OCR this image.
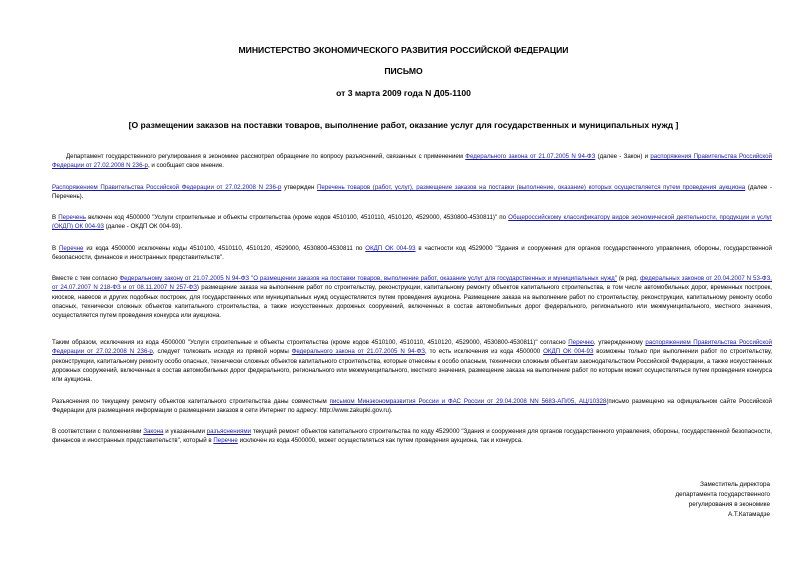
МИНИСТЕРСТВО ЭКОНОМИЧЕСКОГО РАЗВИТИЯ РОССИЙСКОЙ ФЕДЕРАЦИИ

ПИСЬМО

от 3 марта 2009 года N Д05-1100

[О размещении заказов на поставки товаров, выполнение работ, оказание услуг для государственных и муниципальных нужд ]

Департамент государственного регулирования в экономике рассмотрел обращение по вопросу разъяснений, связанных с применением Федерального закона от 21.07.2005 N 94-ФЗ (далее - Закон) и распоряжения Правительства Российской Федерации от 27.02.2008 N 236-р, и сообщает свое мнение.

Распоряжением Правительства Российской Федерации от 27.02.2008 N 236-р утвержден Перечень товаров (работ, услуг), размещение заказов на поставки (выполнение, оказание) которых осуществляется путем проведения аукциона (далее - Перечень).

В Перечень включен код 4500000 "Услуги строительные и объекты строительства (кроме кодов 4510100, 4510110, 4510120, 4529000, 4530800-4530811)" по Общероссийскому классификатору видов экономической деятельности, продукции и услуг (ОКДП) ОК 004-93 (далее - ОКДП ОК 004-93).

В Перечне из кода 4500000 исключены коды 4510100, 4510110, 4510120, 4529000, 4530800-4530811 по ОКДП ОК 004-93 в частности код 4529000 "Здания и сооружения для органов государственного управления, обороны, государственной безопасности, финансов и иностранных представительств".

Вместе с тем согласно Федеральному закону от 21.07.2005 N 94-ФЗ "О размещении заказов на поставки товаров, выполнение работ, оказание услуг для государственных и муниципальных нужд" (в ред. федеральных законов от 20.04.2007 N 53-ФЗ, от 24.07.2007 N 218-ФЗ и от 08.11.2007 N 257-ФЗ) размещение заказа на выполнение работ по строительству, реконструкции, капитальному ремонту объектов капитального строительства, в том числе автомобильных дорог, временных построек, киосков, навесов и других подобных построек, для государственных или муниципальных нужд осуществляется путем проведения аукциона. Размещение заказа на выполнение работ по строительству, реконструкции, капитальному ремонту особо опасных, технически сложных объектов капитального строительства, а также искусственных дорожных сооружений, включенных в состав автомобильных дорог федерального, регионального или межмуниципального, местного значения, осуществляется путем проведения конкурса или аукциона.

Таким образом, исключения из кода 4500000 "Услуги строительные и объекты строительства (кроме кодов 4510100, 4510110, 4510120, 4529000, 4530800-4530811)" согласно Перечню, утвержденному распоряжением Правительства Российской Федерации от 27.02.2008 N 236-р, следует толковать исходя из прямой нормы Федерального закона от 21.07.2005 N 94-ФЗ, то есть исключения из кода 4500000 ОКДП ОК 004-93 возможны только при выполнении работ по строительству, реконструкции, капитальному ремонту особо опасных, технически сложных объектов капитального строительства, которые отнесены к особо опасным, технически сложным объектам законодательством Российской Федерации, а также искусственных дорожных сооружений, включенных в состав автомобильных дорог федерального, регионального или межмуниципального, местного значения, размещение заказа на выполнение работ по которым может осуществляться путем проведения конкурса или аукциона.

Разъяснения по текущему ремонту объектов капитального строительства даны совместным письмом Минэкономразвития России и ФАС России от 29.04.2008 NN 5683-АП/05, АЦ/10328(письмо размещено на официальном сайте Российской Федерации для размещения информации о размещении заказов в сети Интернет по адресу: http://www.zakupki.gov.ru).

В соответствии с положениями Закона и указанными разъяснениями текущий ремонт объектов капитального строительства по коду 4529000 "Здания и сооружения для органов государственного управления, обороны, государственной безопасности, финансов и иностранных представительств", который в Перечне исключен из кода 4500000, может осуществляться как путем проведения аукциона, так и конкурса.

Заместитель директора

департамента государственного

регулирования в экономике

А.Т.Катамадзе
